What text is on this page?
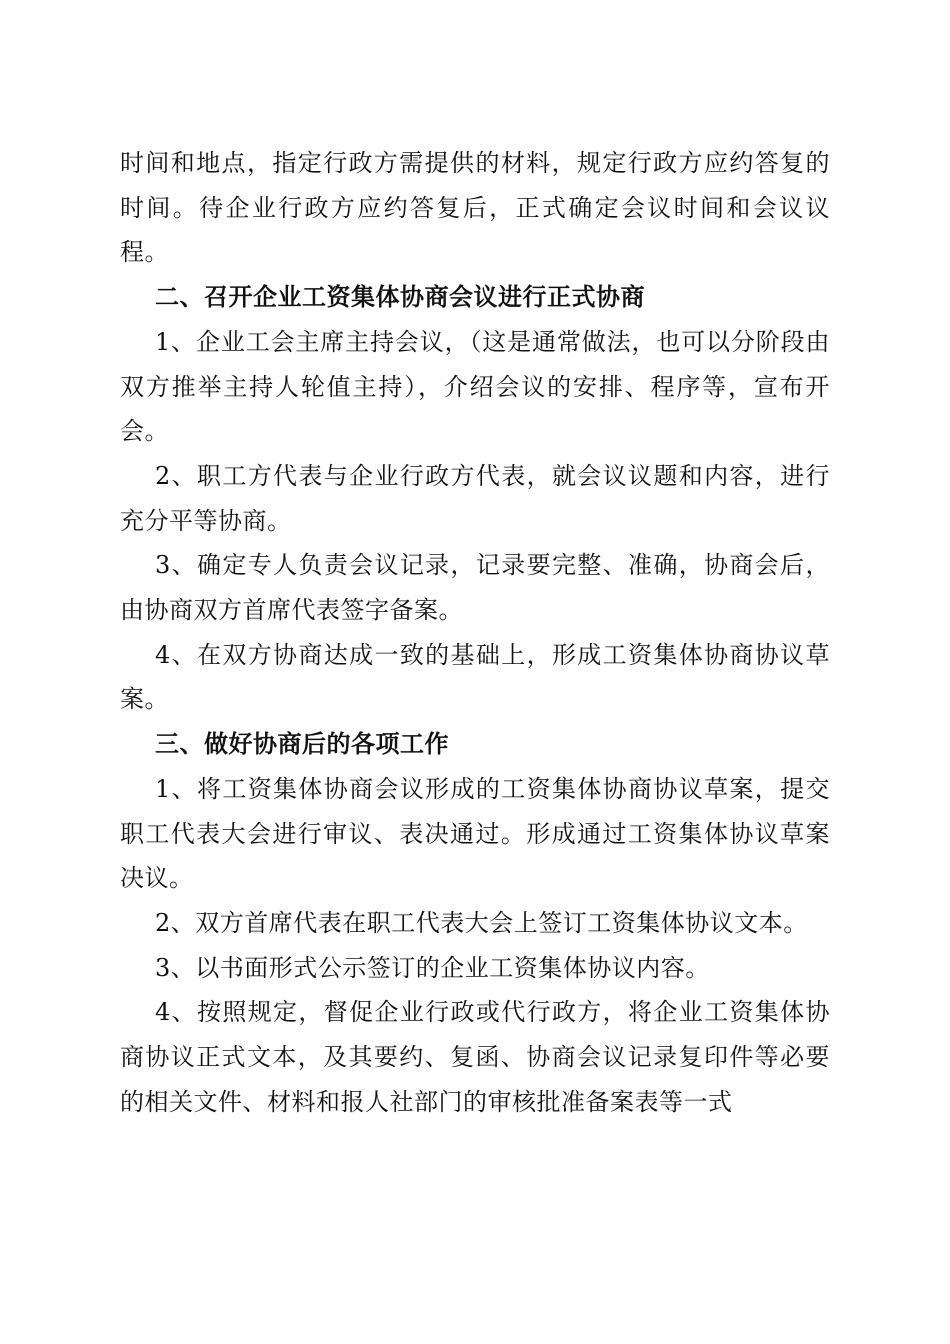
时间和地点，指定行政方需提供的材料，规定行政方应约答复的时间。待企业行政方应约答复后，正式确定会议时间和会议议程。

二、召开企业工资集体协商会议进行正式协商

1、企业工会主席主持会议，（这是通常做法，也可以分阶段由双方推举主持人轮值主持），介绍会议的安排、程序等，宣布开会。

2、职工方代表与企业行政方代表，就会议议题和内容，进行充分平等协商。

3、确定专人负责会议记录，记录要完整、准确，协商会后，由协商双方首席代表签字备案。

4、在双方协商达成一致的基础上，形成工资集体协商协议草案。

三、做好协商后的各项工作

1、将工资集体协商会议形成的工资集体协商协议草案，提交职工代表大会进行审议、表决通过。形成通过工资集体协议草案决议。

2、双方首席代表在职工代表大会上签订工资集体协议文本。

3、以书面形式公示签订的企业工资集体协议内容。

4、按照规定，督促企业行政或代行政方，将企业工资集体协商协议正式文本，及其要约、复函、协商会议记录复印件等必要的相关文件、材料和报人社部门的审核批准备案表等一式
